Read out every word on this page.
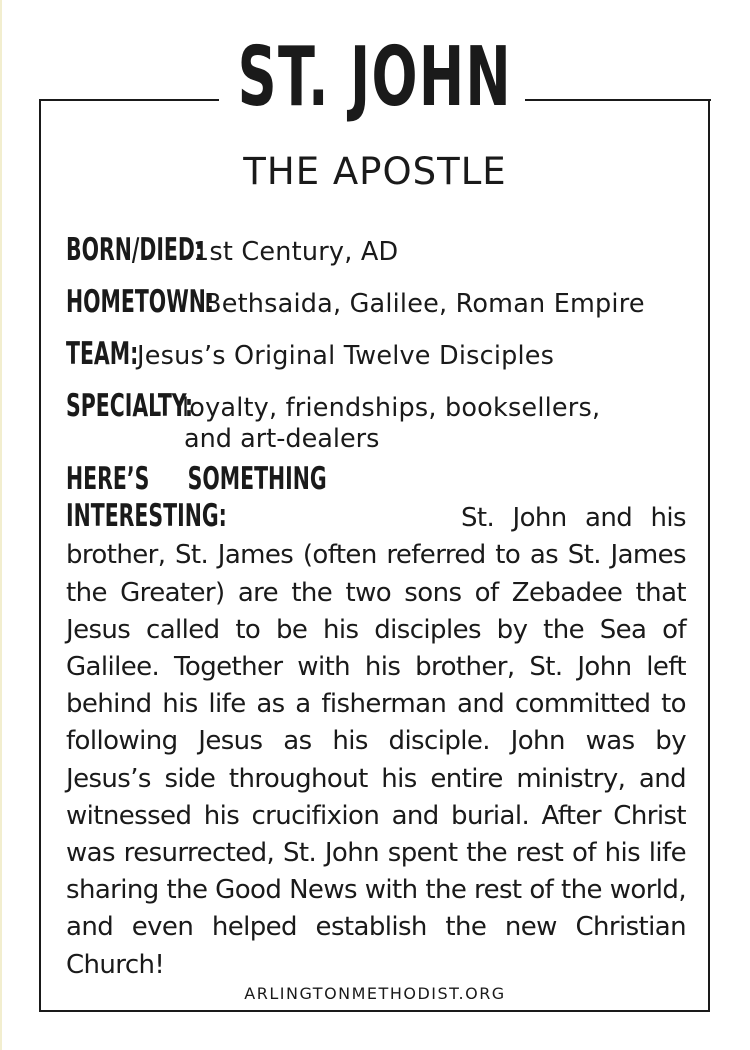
ST. JOHN
THE APOSTLE
BORN/DIED:1st Century, AD
HOMETOWN:Bethsaida, Galilee, Roman Empire
TEAM:Jesus’s Original Twelve Disciples
SPECIALTY:loyalty, friendships, booksellers,
and art-dealers
HERE’S SOMETHING INTERESTING:	St. John and his brother, St. James (often referred to as St. James the Greater) are the two sons of Zebadee that Jesus called to be his disciples by the Sea of Galilee. Together with his brother, St. John left behind his life as a fisherman and committed to following Jesus as his disciple. John was by Jesus’s side throughout his entire ministry, and witnessed his crucifixion and burial. After Christ was resurrected, St. John spent the rest of his life sharing the Good News with the rest of the world, and even helped establish the new Christian Church!
ARLINGTONMETHODIST.ORG
